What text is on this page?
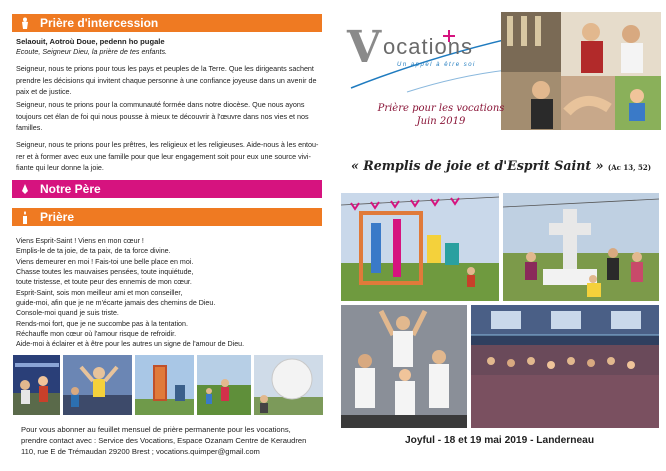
Prière d'intercession
Selaouit, Aotroù Doue, pedenn ho pugale
Ecoute, Seigneur Dieu, la prière de tes enfants.
Seigneur, nous te prions pour tous les pays et peuples de la Terre. Que les dirigeants sachent
prendre les décisions qui invitent chaque personne à une confiance joyeuse dans un avenir de
paix et de justice.
Seigneur, nous te prions pour la communauté formée dans notre diocèse. Que nous ayons
toujours cet élan de foi qui nous pousse à mieux te découvrir à l'œuvre dans nos vies et nos
familles.
Seigneur, nous te prions pour les prêtres, les religieux et les religieuses. Aide-nous à les entou-
rer et à former avec eux une famille pour que leur engagement soit pour eux une source vivi-
fiante qui leur donne la joie.
Notre Père
Prière
Viens Esprit-Saint ! Viens en mon cœur !
Emplis-le de ta joie, de ta paix, de ta force divine.
Viens demeurer en moi ! Fais-toi une belle place en moi.
Chasse toutes les mauvaises pensées, toute inquiétude,
toute tristesse, et toute peur des ennemis de mon cœur.
Esprit-Saint, sois mon meilleur ami et mon conseiller,
guide-moi, afin que je ne m'écarte jamais des chemins de Dieu.
Console-moi quand je suis triste.
Rends-moi fort, que je ne succombe pas à la tentation.
Réchauffe mon cœur où l'amour risque de refroidir.
Aide-moi à éclairer et à être pour les autres un signe de l'amour de Dieu.
Pour vous abonner au feuillet mensuel de prière permanente pour les vocations,
prendre contact avec : Service des Vocations, Espace Ozanam Centre de Keraudren
110, rue E de Trémaudan 29200 Brest ; vocations.quimper@gmail.com
V ocations
Un appel à être soi
Prière pour les vocations
Juin 2019
« Remplis de joie et d'Esprit Saint » (Ac 13, 52)
Joyful - 18 et 19 mai 2019 - Landerneau
